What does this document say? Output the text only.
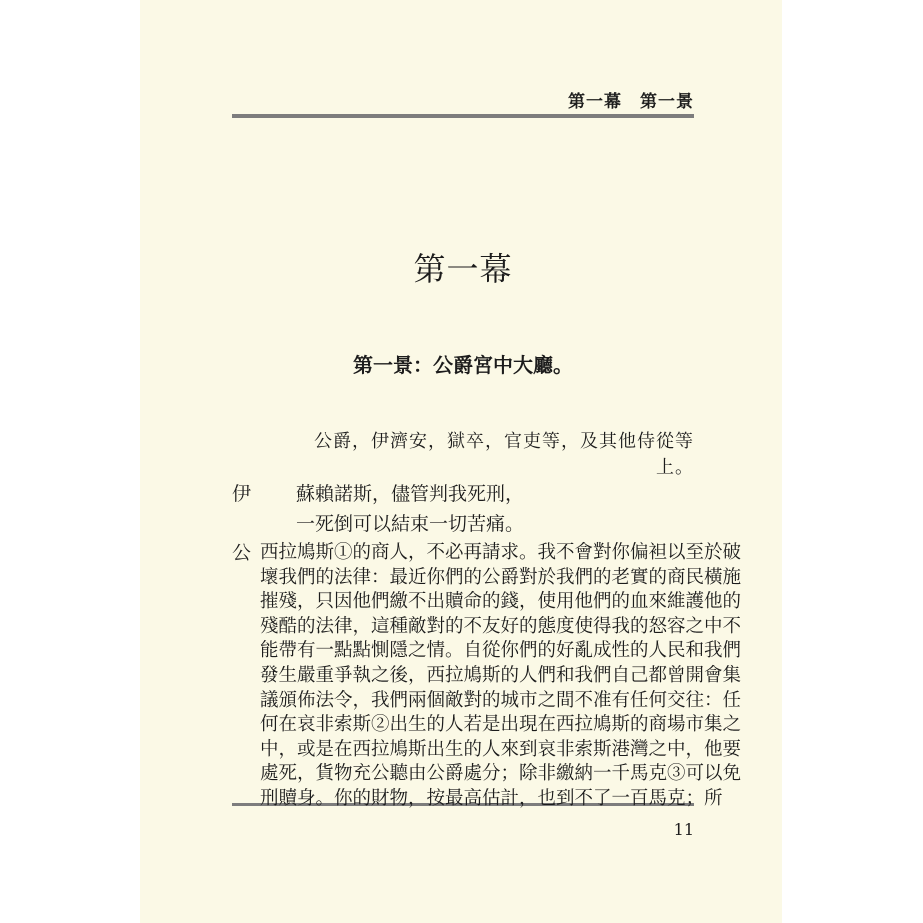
第一幕　第一景
第一幕
第一景：公爵宮中大廳。
公爵，伊濟安，獄卒，官吏等，及其他侍從等上。
伊 蘇賴諾斯，儘管判我死刑，
一死倒可以結束一切苦痛。
公
11
西拉鳩斯①的商人，不必再請求。我不會對你偏袒以至於破
壞我們的法律：最近你們的公爵對於我們的老實的商民橫施
摧殘，只因他們繳不出贖命的錢，使用他們的血來維護他的
殘酷的法律，這種敵對的不友好的態度使得我的怒容之中不
能帶有一點點惻隱之情。自從你們的好亂成性的人民和我們
發生嚴重爭執之後，西拉鳩斯的人們和我們自己都曾開會集
議頒佈法令，我們兩個敵對的城市之間不准有任何交往：任
何在哀非索斯②出生的人若是出現在西拉鳩斯的商場市集之
中，或是在西拉鳩斯出生的人來到哀非索斯港灣之中，他要
處死，貨物充公聽由公爵處分；除非繳納一千馬克③可以免
刑贖身。你的財物，按最高估計，也到不了一百馬克；所
